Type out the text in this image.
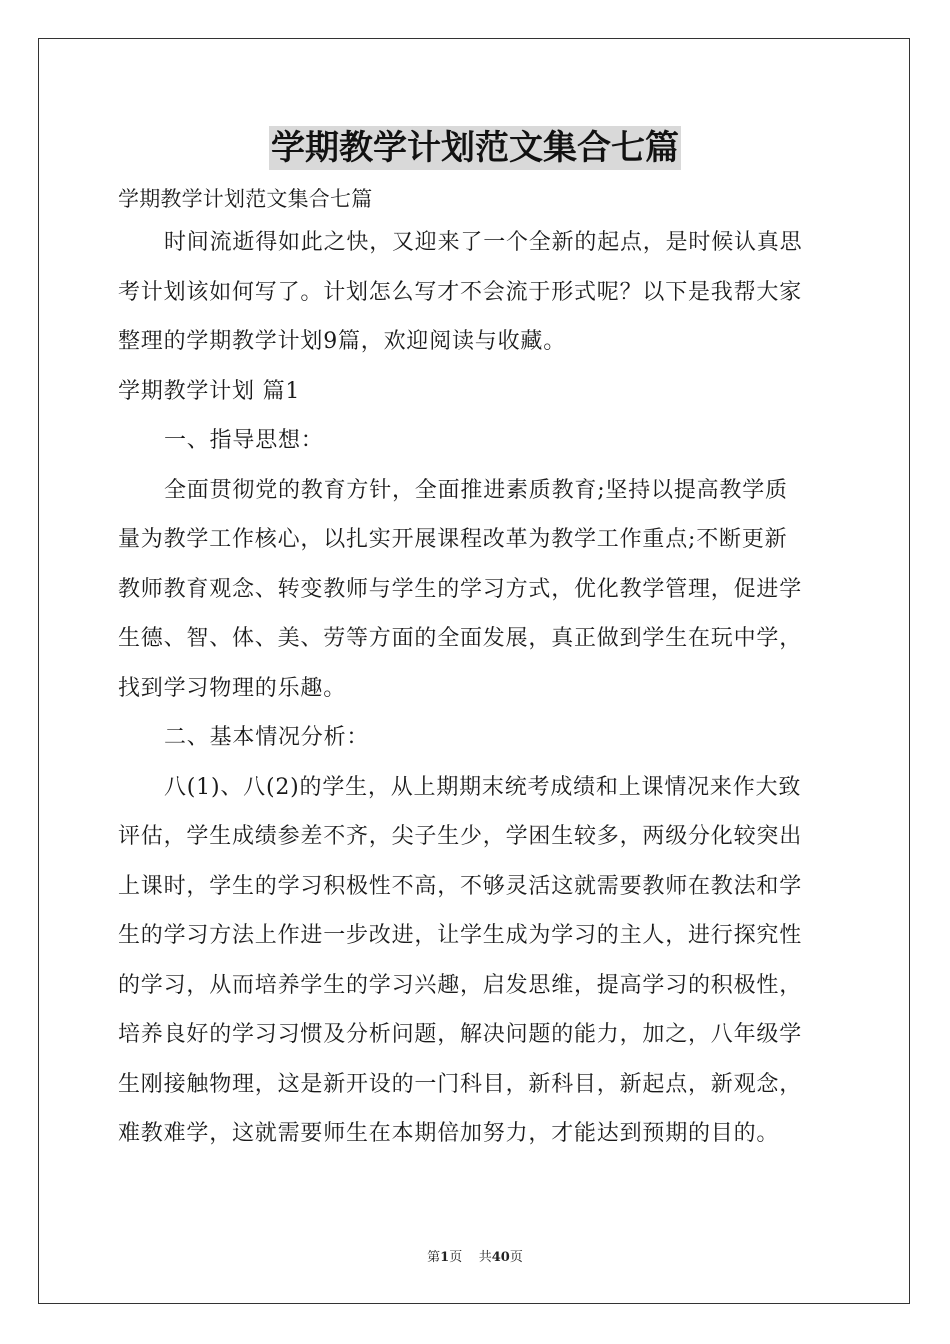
学期教学计划范文集合七篇
学期教学计划范文集合七篇
时间流逝得如此之快，又迎来了一个全新的起点，是时候认真思
考计划该如何写了。计划怎么写才不会流于形式呢？以下是我帮大家
整理的学期教学计划9篇，欢迎阅读与收藏。
学期教学计划 篇1
一、指导思想：
全面贯彻党的教育方针，全面推进素质教育;坚持以提高教学质
量为教学工作核心，以扎实开展课程改革为教学工作重点;不断更新
教师教育观念、转变教师与学生的学习方式，优化教学管理，促进学
生德、智、体、美、劳等方面的全面发展，真正做到学生在玩中学，
找到学习物理的乐趣。
二、基本情况分析：
八(1)、八(2)的学生，从上期期末统考成绩和上课情况来作大致
评估，学生成绩参差不齐，尖子生少，学困生较多，两级分化较突出
上课时，学生的学习积极性不高，不够灵活这就需要教师在教法和学
生的学习方法上作进一步改进，让学生成为学习的主人，进行探究性
的学习，从而培养学生的学习兴趣，启发思维，提高学习的积极性，
培养良好的学习习惯及分析问题，解决问题的能力，加之，八年级学
生刚接触物理，这是新开设的一门科目，新科目，新起点，新观念，
难教难学，这就需要师生在本期倍加努力，才能达到预期的目的。
第1页 共40页
